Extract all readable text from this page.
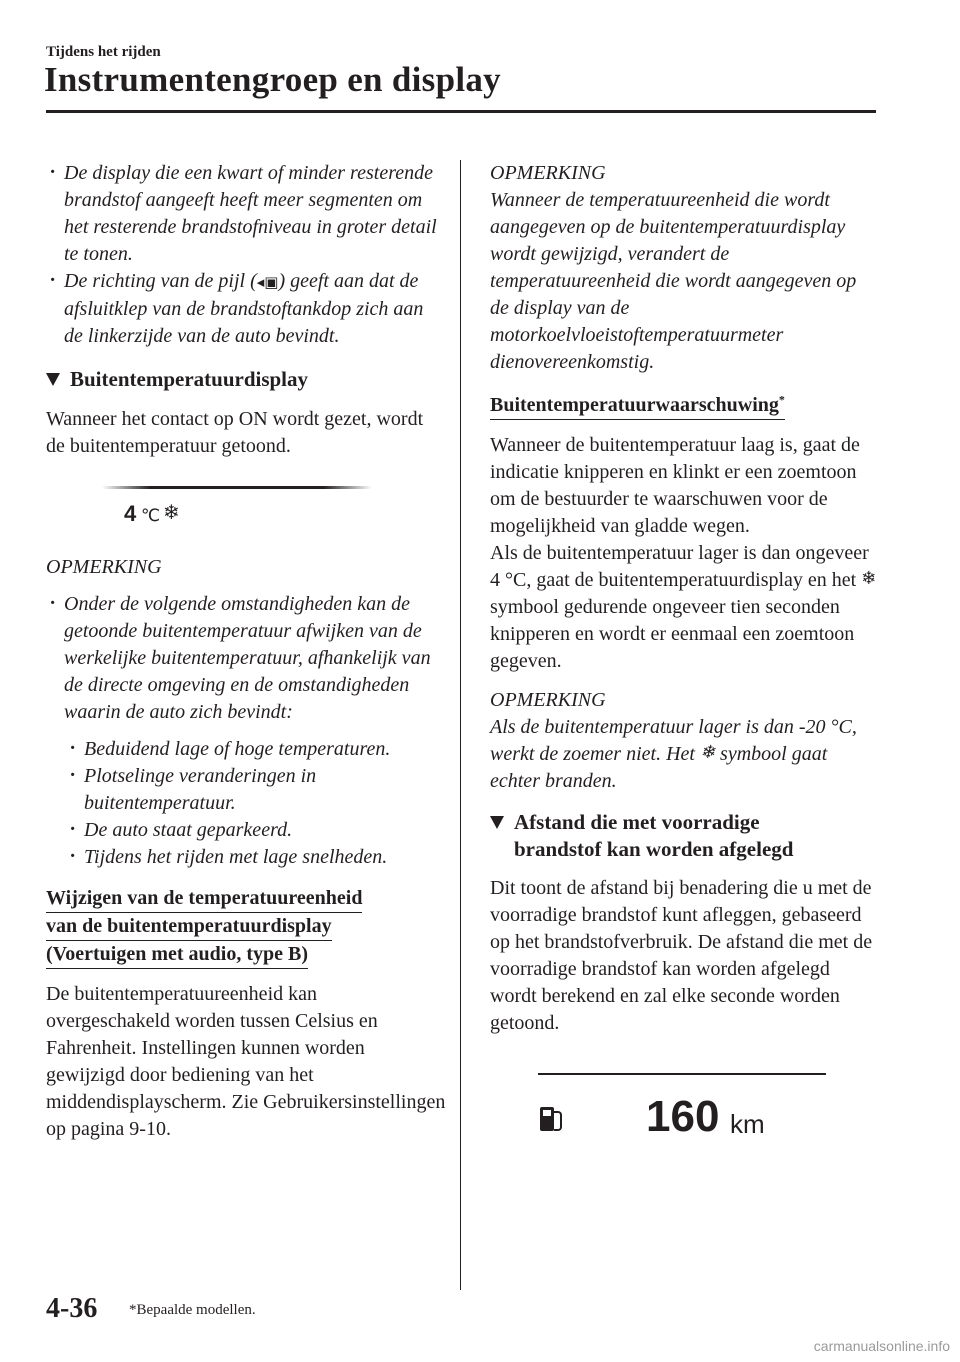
Tijdens het rijden
Instrumentengroep en display

· De display die een kwart of minder resterende brandstof aangeeft heeft meer segmenten om het resterende brandstofniveau in groter detail te tonen.

· De richting van de pijl (◂▣) geeft aan dat de afsluitklep van de brandstoftankdop zich aan de linkerzijde van de auto bevindt.

Buitentemperatuurdisplay

Wanneer het contact op ON wordt gezet, wordt de buitentemperatuur getoond.

4 ℃ ❄

OPMERKING

· Onder de volgende omstandigheden kan de getoonde buitentemperatuur afwijken van de werkelijke buitentemperatuur, afhankelijk van de directe omgeving en de omstandigheden waarin de auto zich bevindt:

· Beduidend lage of hoge temperaturen.

· Plotselinge veranderingen in buitentemperatuur.

· De auto staat geparkeerd.

· Tijdens het rijden met lage snelheden.

Wijzigen van de temperatuureenheid
van de buitentemperatuurdisplay
(Voertuigen met audio, type B)

De buitentemperatuureenheid kan overgeschakeld worden tussen Celsius en Fahrenheit. Instellingen kunnen worden gewijzigd door bediening van het middendisplayscherm. Zie Gebruikersinstellingen op pagina 9-10.

OPMERKING

Wanneer de temperatuureenheid die wordt aangegeven op de buitentemperatuurdisplay wordt gewijzigd, verandert de temperatuureenheid die wordt aangegeven op de display van de motorkoelvloeistoftemperatuurmeter dienovereenkomstig.

Buitentemperatuurwaarschuwing*

Wanneer de buitentemperatuur laag is, gaat de indicatie knipperen en klinkt er een zoemtoon om de bestuurder te waarschuwen voor de mogelijkheid van gladde wegen.

Als de buitentemperatuur lager is dan ongeveer 4 °C, gaat de buitentemperatuurdisplay en het ❄ symbool gedurende ongeveer tien seconden knipperen en wordt er eenmaal een zoemtoon gegeven.

OPMERKING

Als de buitentemperatuur lager is dan -20 °C, werkt de zoemer niet. Het ❄ symbool gaat echter branden.

Afstand die met voorradige
brandstof kan worden afgelegd

Dit toont de afstand bij benadering die u met de voorradige brandstof kunt afleggen, gebaseerd op het brandstofverbruik. De afstand die met de voorradige brandstof kan worden afgelegd wordt berekend en zal elke seconde worden getoond.

160 km
4-36 *Bepaalde modellen.
carmanualsonline.info
